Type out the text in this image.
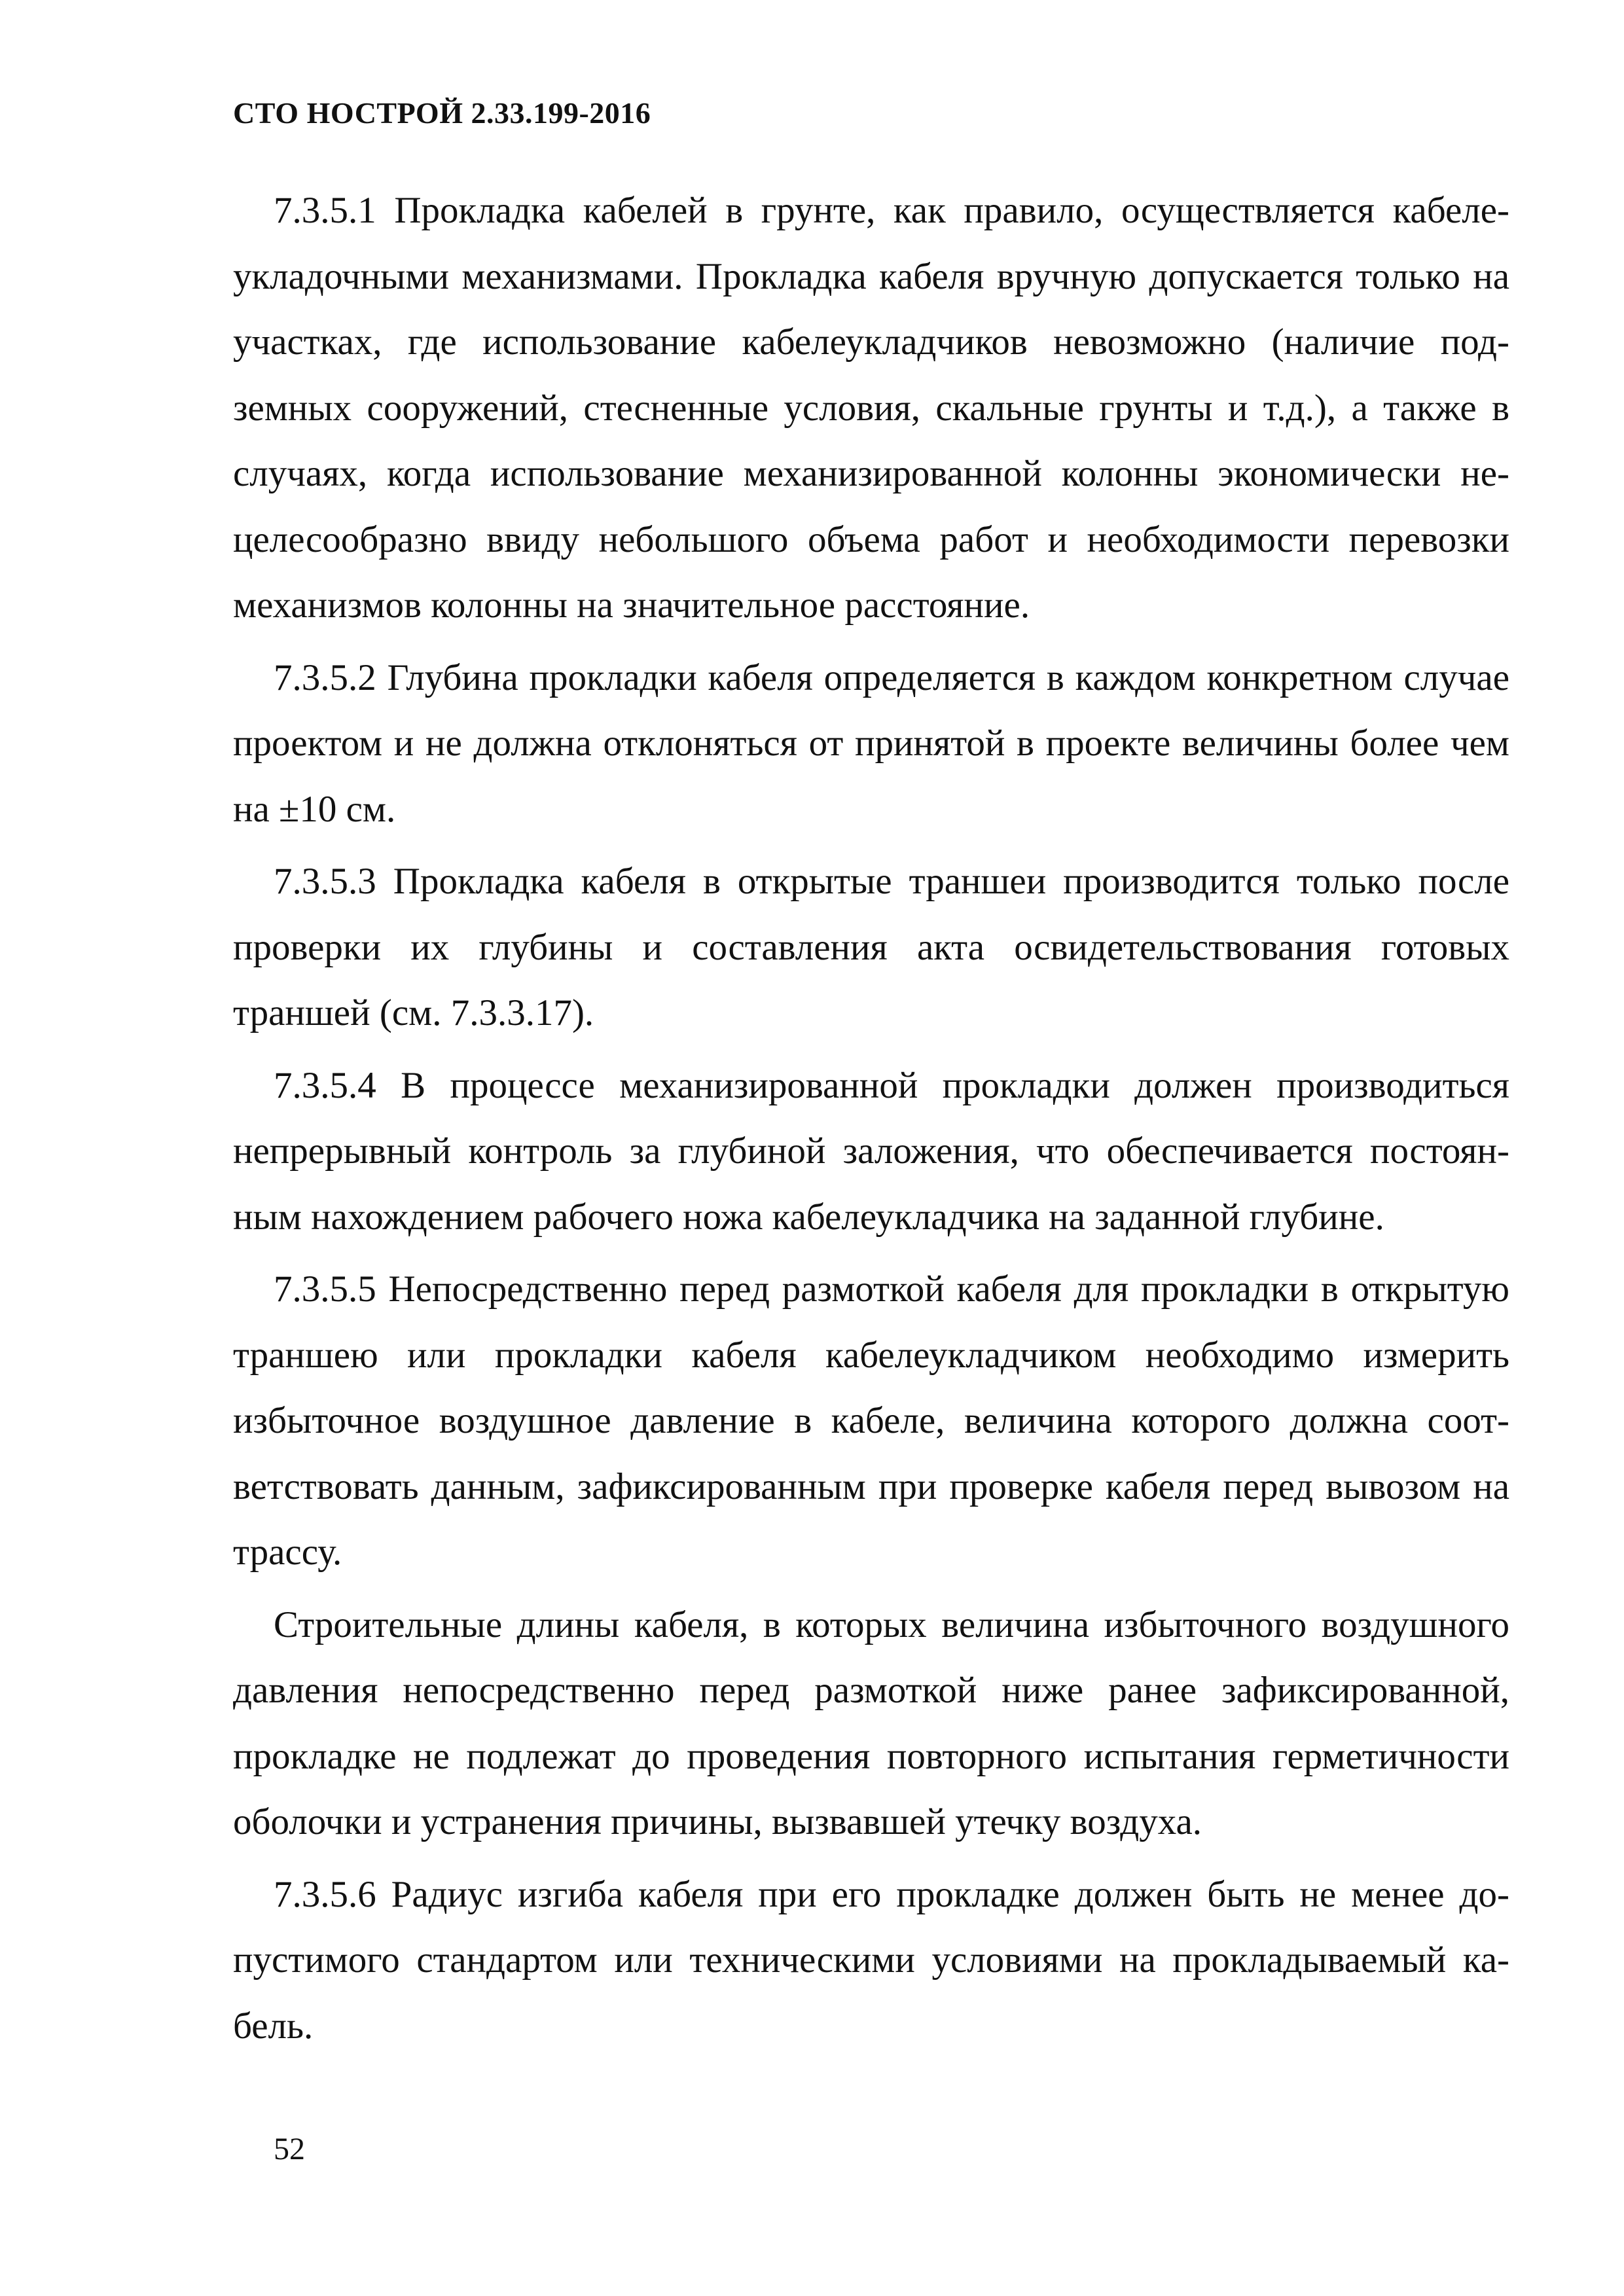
СТО НОСТРОЙ 2.33.199-2016

7.3.5.1 Прокладка кабелей в грунте, как правило, осуществляется кабелеукладочными механизмами. Прокладка кабеля вручную допускается только на участках, где использование кабелеукладчиков невозможно (наличие подземных сооружений, стесненные условия, скальные грунты и т.д.), а также в случаях, когда использование механизированной колонны экономически нецелесообразно ввиду небольшого объема работ и необходимости перевозки механизмов колонны на значительное расстояние.

7.3.5.2 Глубина прокладки кабеля определяется в каждом конкретном случае проектом и не должна отклоняться от принятой в проекте величины более чем на ±10 см.

7.3.5.3 Прокладка кабеля в открытые траншеи производится только после проверки их глубины и составления акта освидетельствования готовых траншей (см. 7.3.3.17).

7.3.5.4 В процессе механизированной прокладки должен производиться непрерывный контроль за глубиной заложения, что обеспечивается постоянным нахождением рабочего ножа кабелеукладчика на заданной глубине.

7.3.5.5 Непосредственно перед размоткой кабеля для прокладки в открытую траншею или прокладки кабеля кабелеукладчиком необходимо измерить избыточное воздушное давление в кабеле, величина которого должна соответствовать данным, зафиксированным при проверке кабеля перед вывозом на трассу.

Строительные длины кабеля, в которых величина избыточного воздушного давления непосредственно перед размоткой ниже ранее зафиксированной, прокладке не подлежат до проведения повторного испытания герметичности оболочки и устранения причины, вызвавшей утечку воздуха.

7.3.5.6 Радиус изгиба кабеля при его прокладке должен быть не менее допустимого стандартом или техническими условиями на прокладываемый кабель.

52
